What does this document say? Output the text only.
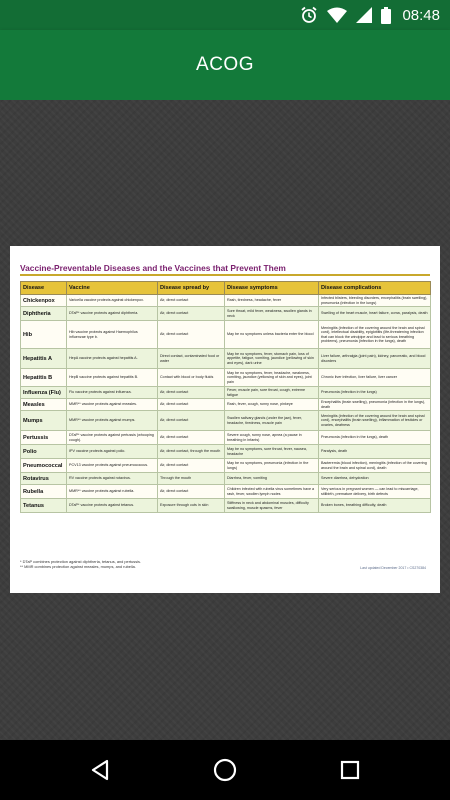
08:48
ACOG
Vaccine-Preventable Diseases and the Vaccines that Prevent Them
Disease	Vaccine	Disease spread by	Disease symptoms	Disease complications
Chickenpox	Varicella vaccine protects against chickenpox.	Air, direct contact	Rash, tiredness, headache, fever	Infected blisters, bleeding disorders, encephalitis (brain swelling), pneumonia (infection in the lungs)
Diphtheria	DTaP* vaccine protects against diphtheria.	Air, direct contact	Sore throat, mild fever, weakness, swollen glands in neck	Swelling of the heart muscle, heart failure, coma, paralysis, death
Hib	Hib vaccine protects against Haemophilus influenzae type b.	Air, direct contact	May be no symptoms unless bacteria enter the blood	Meningitis (infection of the covering around the brain and spinal cord), intellectual disability, epiglottitis (life-threatening infection that can block the windpipe and lead to serious breathing problems), pneumonia (infection in the lungs), death
Hepatitis A	HepA vaccine protects against hepatitis A.	Direct contact, contaminated food or water	May be no symptoms, fever, stomach pain, loss of appetite, fatigue, vomiting, jaundice (yellowing of skin and eyes), dark urine	Liver failure, arthralgia (joint pain), kidney, pancreatic, and blood disorders
Hepatitis B	HepB vaccine protects against hepatitis B.	Contact with blood or body fluids	May be no symptoms, fever, headache, weakness, vomiting, jaundice (yellowing of skin and eyes), joint pain	Chronic liver infection, liver failure, liver cancer
Influenza (Flu)	Flu vaccine protects against influenza.	Air, direct contact	Fever, muscle pain, sore throat, cough, extreme fatigue	Pneumonia (infection in the lungs)
Measles	MMR** vaccine protects against measles.	Air, direct contact	Rash, fever, cough, runny nose, pinkeye	Encephalitis (brain swelling), pneumonia (infection in the lungs), death
Mumps	MMR** vaccine protects against mumps.	Air, direct contact	Swollen salivary glands (under the jaw), fever, headache, tiredness, muscle pain	Meningitis (infection of the covering around the brain and spinal cord), encephalitis (brain swelling), inflammation of testicles or ovaries, deafness
Pertussis	DTaP* vaccine protects against pertussis (whooping cough).	Air, direct contact	Severe cough, runny nose, apnea (a pause in breathing in infants)	Pneumonia (infection in the lungs), death
Polio	IPV vaccine protects against polio.	Air, direct contact, through the mouth	May be no symptoms, sore throat, fever, nausea, headache	Paralysis, death
Pneumococcal	PCV13 vaccine protects against pneumococcus.	Air, direct contact	May be no symptoms, pneumonia (infection in the lungs)	Bacteremia (blood infection), meningitis (infection of the covering around the brain and spinal cord), death
Rotavirus	RV vaccine protects against rotavirus.	Through the mouth	Diarrhea, fever, vomiting	Severe diarrhea, dehydration
Rubella	MMR** vaccine protects against rubella.	Air, direct contact	Children infected with rubella virus sometimes have a rash, fever, swollen lymph nodes	Very serious in pregnant women — can lead to miscarriage, stillbirth, premature delivery, birth defects
Tetanus	DTaP* vaccine protects against tetanus.	Exposure through cuts in skin	Stiffness in neck and abdominal muscles, difficulty swallowing, muscle spasms, fever	Broken bones, breathing difficulty, death
* DTaP combines protection against diphtheria, tetanus, and pertussis.
** MMR combines protection against measles, mumps, and rubella.	Last updated December 2017 • CS270384
